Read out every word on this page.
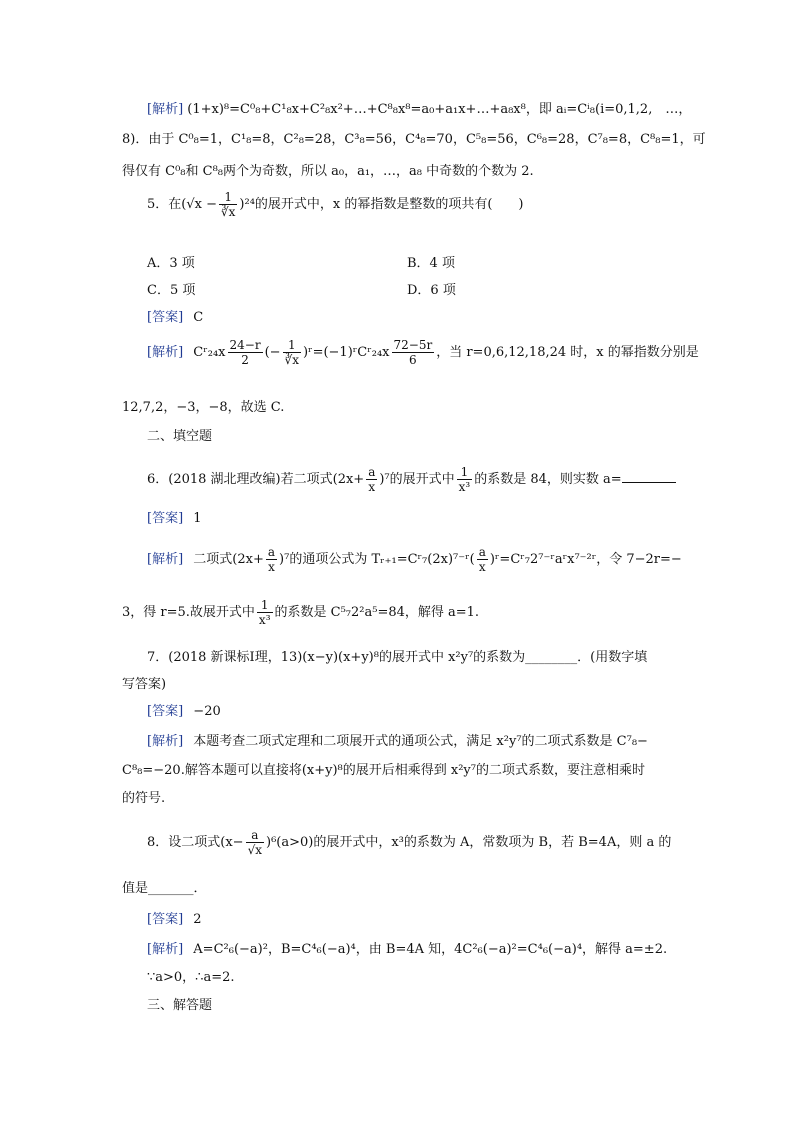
[解析] (1+x)⁸=C⁰₈+C¹₈x+C²₈x²+…+C⁸₈x⁸=a₀+a₁x+…+a₈x⁸，即 aᵢ=Cⁱ₈(i=0,1,2,　…，
8)．由于 C⁰₈=1，C¹₈=8，C²₈=28，C³₈=56，C⁴₈=70，C⁵₈=56，C⁶₈=28，C⁷₈=8，C⁸₈=1，可
得仅有 C⁰₈和 C⁸₈两个为奇数，所以 a₀，a₁，…，a₈ 中奇数的个数为 2.
5．在$(√x - \frac{1}{∛x} )^{24}$的展开式中，x 的幂指数是整数的项共有(　　)
A．3 项	B．4 项
C．5 项	D．6 项
[答案] C
[解析] Cʳ₂₄x $\frac{24-r}{2}$ (− $\frac{1}{∛x}$ )ʳ=(−1)ʳCʳ₂₄x $\frac{72-5r}{6}$ ，当 r=0,6,12,18,24 时，x 的幂指数分别是
12,7,2，−3，−8，故选 C.
二、填空题
6．(2018 湖北理改编)若二项式$(2x+ \frac{a}{x} )^7$的展开式中 $\frac{1}{\text{x³}}$ 的系数是 84，则实数 a=
[答案] 1
[解析] 二项式$(2x+ \frac{a}{x} )^7$的通项公式为 Tᵣ₊₁=Cʳ₇(2x)⁷⁻ʳ( $\frac{a}{x}$ )ʳ=Cʳ₇2⁷⁻ʳaʳx⁷⁻²ʳ，令 7−2r=−
3，得 r=5.故展开式中 $\frac{1}{\text{x³}}$ 的系数是 C⁵₇2²a⁵=84，解得 a=1.
7．(2018 新课标Ⅰ理，13)(x−y)(x+y)⁸的展开式中 x²y⁷的系数为________．(用数字填
写答案)
[答案] −20
[解析] 本题考查二项式定理和二项展开式的通项公式，满足 x²y⁷的二项式系数是 C⁷₈−
C⁸₈=−20.解答本题可以直接将(x+y)⁸的展开后相乘得到 x²y⁷的二项式系数，要注意相乘时
的符号.
8．设二项式$(x- \frac{a}{√x} )^6(a>0)$的展开式中，x³的系数为 A，常数项为 B，若 B=4A，则 a 的
值是_______．
[答案] 2
[解析] A=C²₆(−a)²，B=C⁴₆(−a)⁴，由 B=4A 知，4C²₆(−a)²=C⁴₆(−a)⁴，解得 a=±2.
∵a>0，∴a=2.
三、解答题
